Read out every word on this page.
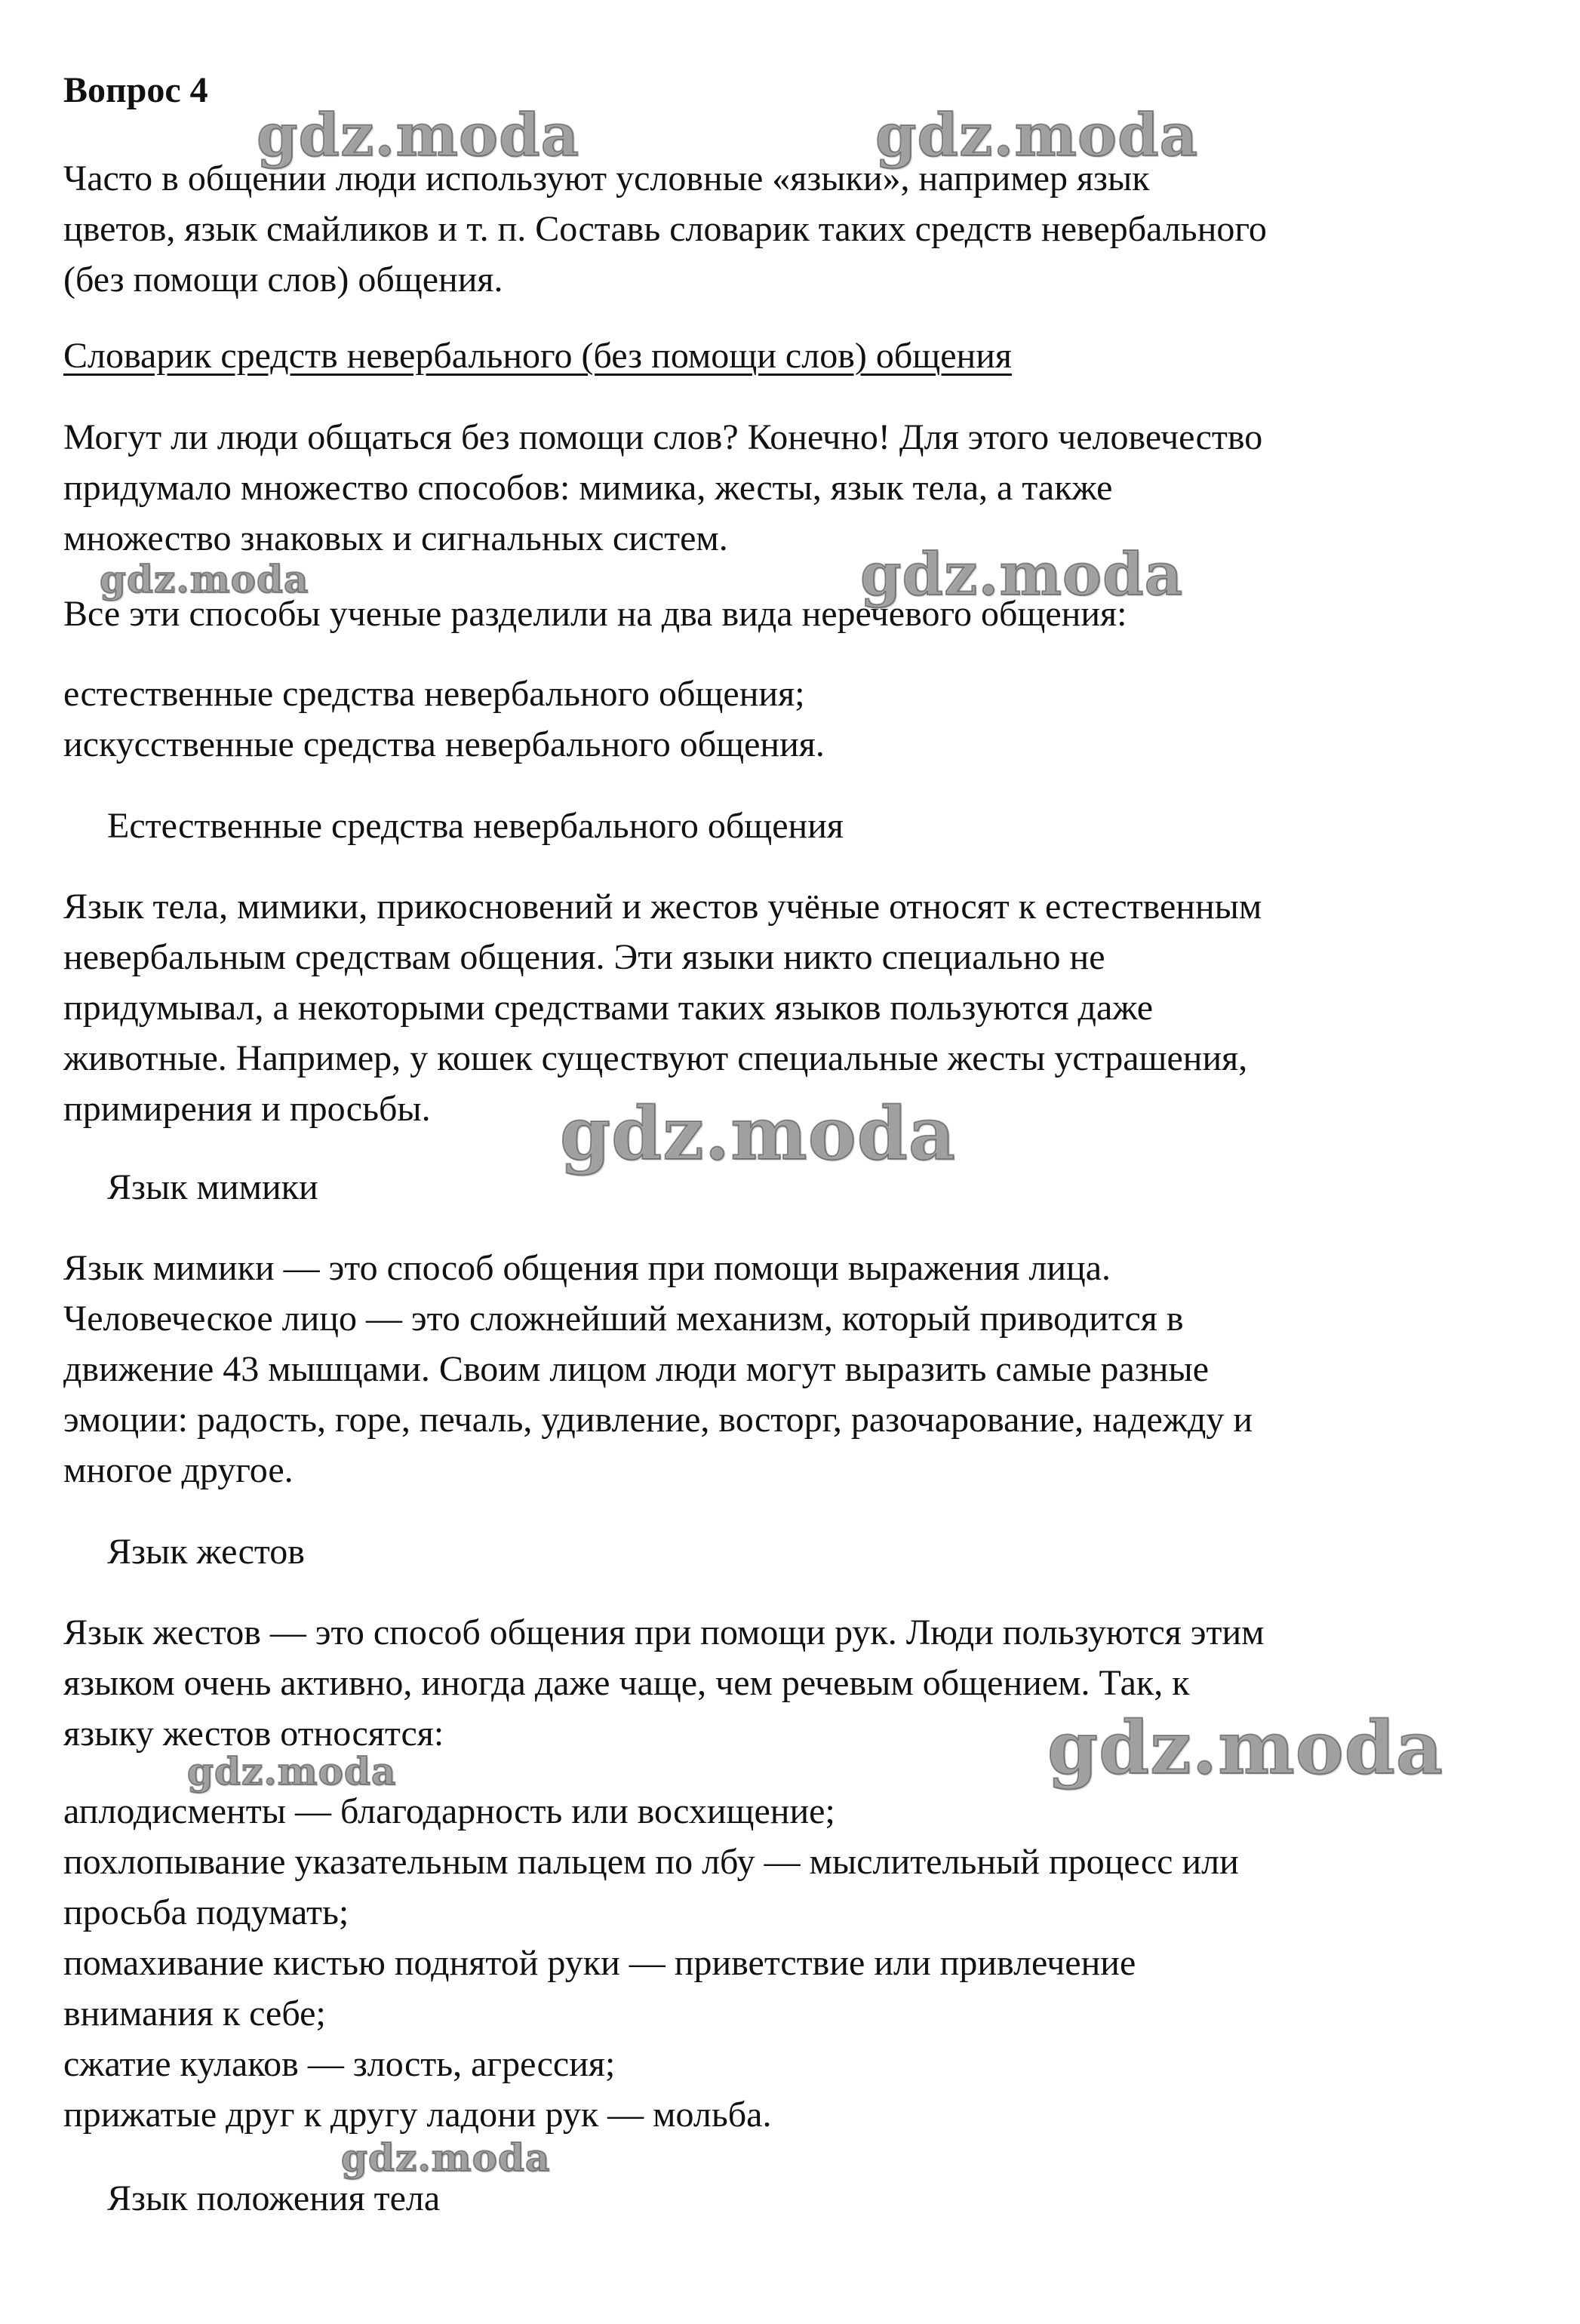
Вопрос 4

Часто в общении люди используют условные «языки», например язык

цветов, язык смайликов и т. п. Составь словарик таких средств невербального

(без помощи слов) общения.

Словарик средств невербального (без помощи слов) общения

Могут ли люди общаться без помощи слов? Конечно! Для этого человечество

придумало множество способов: мимика, жесты, язык тела, а также

множество знаковых и сигнальных систем.

Все эти способы ученые разделили на два вида неречевого общения:

естественные средства невербального общения;

искусственные средства невербального общения.

Естественные средства невербального общения

Язык тела, мимики, прикосновений и жестов учёные относят к естественным

невербальным средствам общения. Эти языки никто специально не

придумывал, а некоторыми средствами таких языков пользуются даже

животные. Например, у кошек существуют специальные жесты устрашения,

примирения и просьбы.

Язык мимики

Язык мимики — это способ общения при помощи выражения лица.

Человеческое лицо — это сложнейший механизм, который приводится в

движение 43 мышцами. Своим лицом люди могут выразить самые разные

эмоции: радость, горе, печаль, удивление, восторг, разочарование, надежду и

многое другое.

Язык жестов

Язык жестов — это способ общения при помощи рук. Люди пользуются этим

языком очень активно, иногда даже чаще, чем речевым общением. Так, к

языку жестов относятся:

аплодисменты — благодарность или восхищение;

похлопывание указательным пальцем по лбу — мыслительный процесс или

просьба подумать;

помахивание кистью поднятой руки — приветствие или привлечение

внимания к себе;

сжатие кулаков — злость, агрессия;

прижатые друг к другу ладони рук — мольба.

Язык положения тела

gdz.moda	gdz.moda
gdz.moda	gdz.moda
gdz.moda
gdz.moda
gdz.moda
gdz.moda
